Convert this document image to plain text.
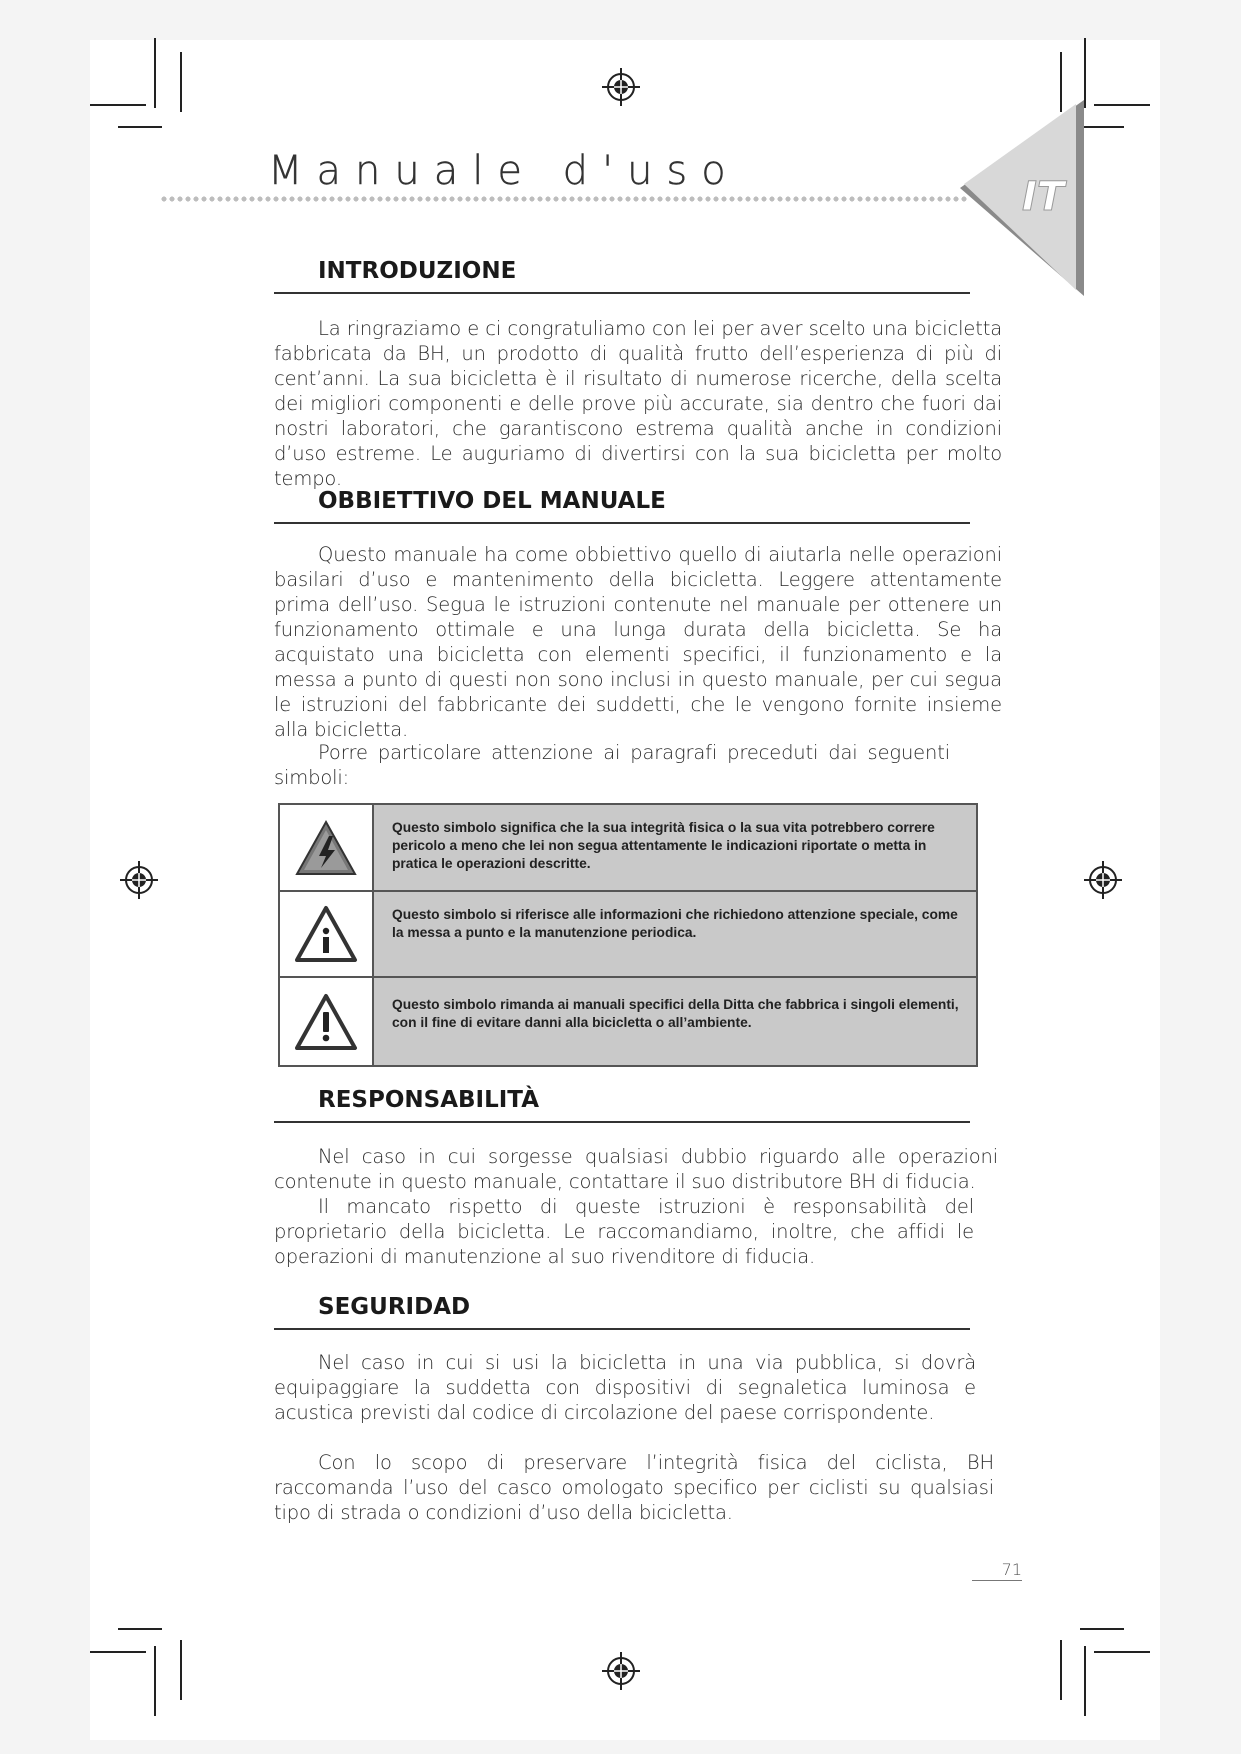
Manuale d'uso
IT
INTRODUZIONE

La ringraziamo e ci congratuliamo con lei per aver scelto una bicicletta fabbricata da BH, un prodotto di qualità frutto dell’esperienza di più di cent’anni. La sua bicicletta è il risultato di numerose ricerche, della scelta dei migliori componenti e delle prove più accurate, sia dentro che fuori dai nostri laboratori, che garantiscono estrema qualità anche in condizioni d’uso estreme. Le auguriamo di divertirsi con la sua bicicletta per molto tempo.

OBBIETTIVO DEL MANUALE

Questo manuale ha come obbiettivo quello di aiutarla nelle operazioni basilari d’uso e mantenimento della bicicletta. Leggere attentamente prima dell’uso. Segua le istruzioni contenute nel manuale per ottenere un funzionamento ottimale e una lunga durata della bicicletta. Se ha acquistato una bicicletta con elementi specifici, il funzionamento e la messa a punto di questi non sono inclusi in questo manuale, per cui segua le istruzioni del fabbricante dei suddetti, che le vengono fornite insieme alla bicicletta.

Porre particolare attenzione ai paragrafi preceduti dai seguenti simboli:

Questo simbolo significa che la sua integrità fisica o la sua vita potrebbero correre pericolo a meno che lei non segua attentamente le indicazioni riportate o metta in pratica le operazioni descritte.
Questo simbolo si riferisce alle informazioni che richiedono attenzione speciale, come la messa a punto e la manutenzione periodica.
Questo simbolo rimanda ai manuali specifici della Ditta che fabbrica i singoli elementi, con il fine di evitare danni alla bicicletta o all’ambiente.
RESPONSABILITÀ

Nel caso in cui sorgesse qualsiasi dubbio riguardo alle operazioni contenute in questo manuale, contattare il suo distributore BH di fiducia.

Il mancato rispetto di queste istruzioni è responsabilità del proprietario della bicicletta. Le raccomandiamo, inoltre, che affidi le operazioni di manutenzione al suo rivenditore di fiducia.

SEGURIDAD

Nel caso in cui si usi la bicicletta in una via pubblica, si dovrà equipaggiare la suddetta con dispositivi di segnaletica luminosa e acustica previsti dal codice di circolazione del paese corrispondente.

Con lo scopo di preservare l’integrità fisica del ciclista, BH raccomanda l’uso del casco omologato specifico per ciclisti su qualsiasi tipo di strada o condizioni d’uso della bicicletta.

71
